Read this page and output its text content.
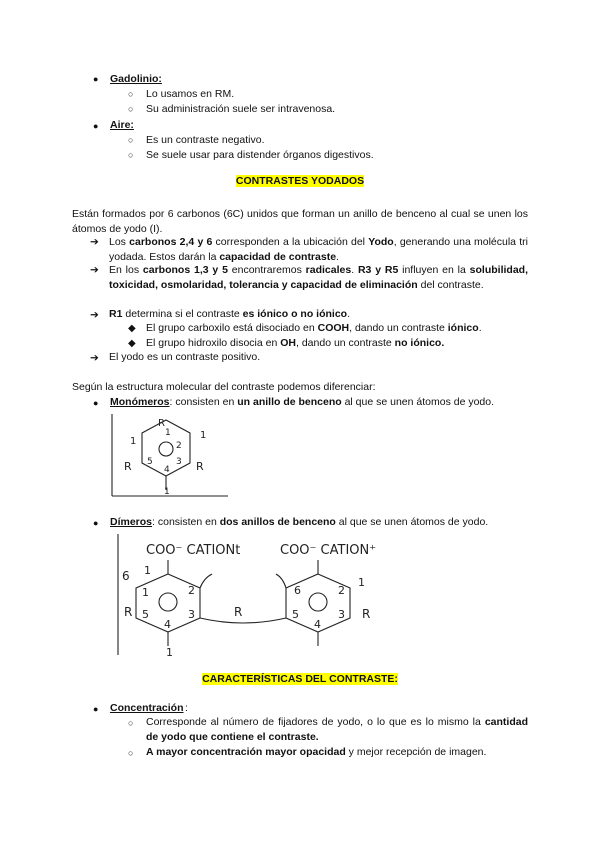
● Gadolinio:
○ Lo usamos en RM.
○ Su administración suele ser intravenosa.
● Aire:
○ Es un contraste negativo.
○ Se suele usar para distender órganos digestivos.
CONTRASTES YODADOS
Están formados por 6 carbonos (6C) unidos que forman un anillo de benceno al cual se unen los átomos de yodo (I).
➔ Los carbonos 2,4 y 6 corresponden a la ubicación del Yodo, generando una molécula tri yodada. Estos darán la capacidad de contraste.
➔ En los carbonos 1,3 y 5 encontraremos radicales. R3 y R5 influyen en la solubilidad, toxicidad, osmolaridad, tolerancia y capacidad de eliminación del contraste.
➔ R1 determina si el contraste es iónico o no iónico.
◆ El grupo carboxilo está disociado en COOH, dando un contraste iónico.
◆ El grupo hidroxilo disocia en OH, dando un contraste no iónico.
➔ El yodo es un contraste positivo.
Según la estructura molecular del contraste podemos diferenciar:
● Monómeros: consisten en un anillo de benceno al que se unen átomos de yodo.
R
1
2
3
4
5
R	R
1
1
1
● Dímeros: consisten en dos anillos de benceno al que se unen átomos de yodo.
COO⁻ CATIONt	COO⁻ CATION⁺
1	2
3
4
5
6
R	R
1
1
6	2
3
4
5	R
1
CARACTERÍSTICAS DEL CONTRASTE:
● Concentración :
○ Corresponde al número de fijadores de yodo, o lo que es lo mismo la cantidad de yodo que contiene el contraste.
○ A mayor concentración mayor opacidad y mejor recepción de imagen.
